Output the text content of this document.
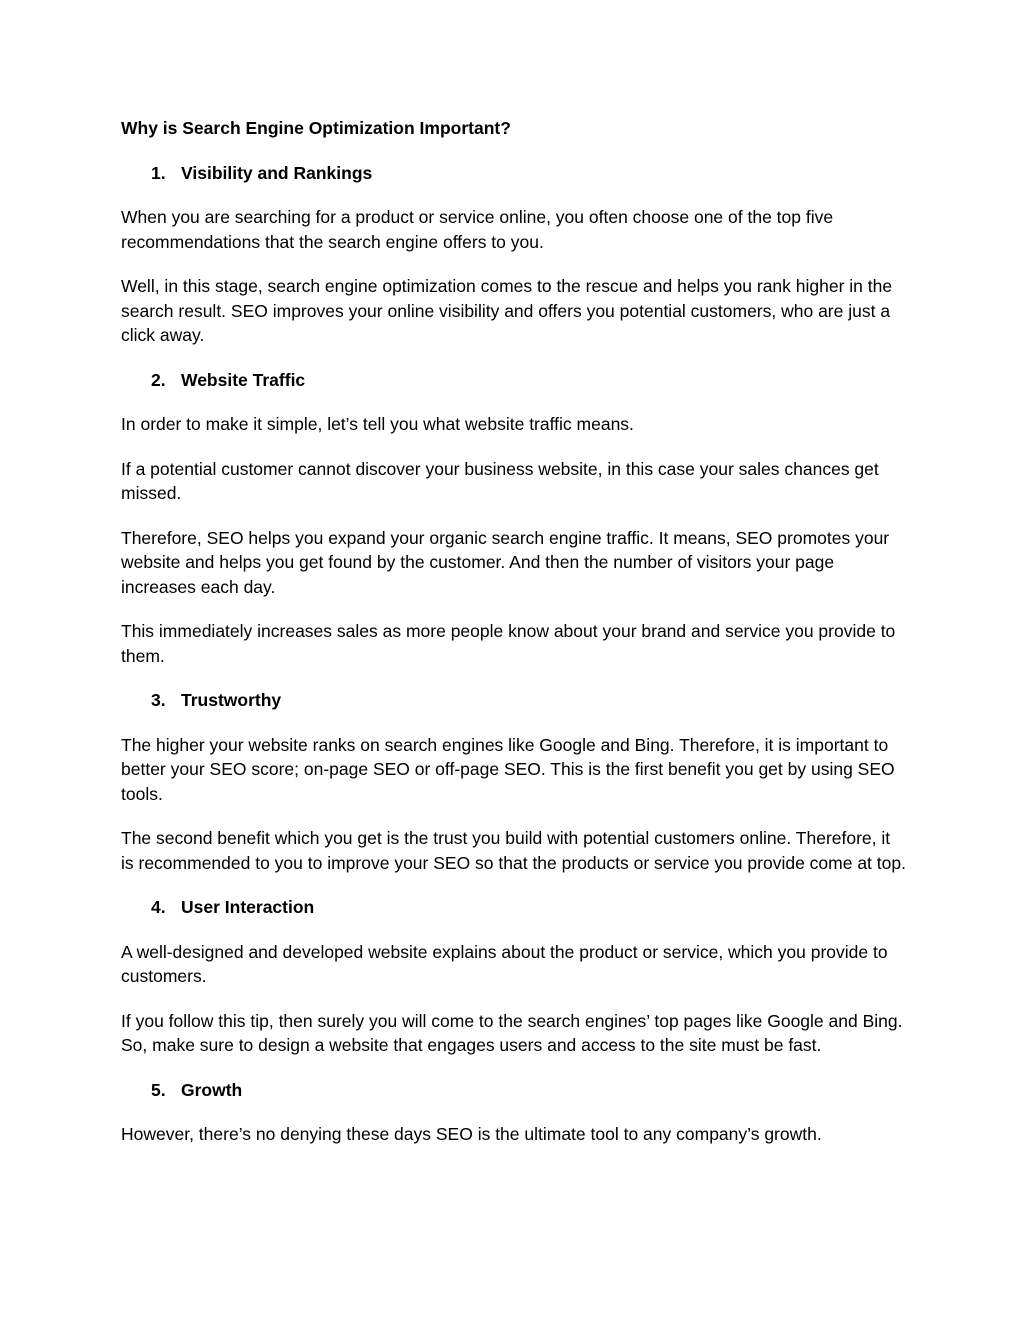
Why is Search Engine Optimization Important?
1. Visibility and Rankings

When you are searching for a product or service online, you often choose one of the top five recommendations that the search engine offers to you.

Well, in this stage, search engine optimization comes to the rescue and helps you rank higher in the search result. SEO improves your online visibility and offers you potential customers, who are just a click away.

2. Website Traffic

In order to make it simple, let’s tell you what website traffic means.

If a potential customer cannot discover your business website, in this case your sales chances get missed.

Therefore, SEO helps you expand your organic search engine traffic. It means, SEO promotes your website and helps you get found by the customer. And then the number of visitors your page increases each day.

This immediately increases sales as more people know about your brand and service you provide to them.

3. Trustworthy

The higher your website ranks on search engines like Google and Bing. Therefore, it is important to better your SEO score; on-page SEO or off-page SEO. This is the first benefit you get by using SEO tools.

The second benefit which you get is the trust you build with potential customers online. Therefore, it is recommended to you to improve your SEO so that the products or service you provide come at top.

4. User Interaction

A well-designed and developed website explains about the product or service, which you provide to customers.

If you follow this tip, then surely you will come to the search engines’ top pages like Google and Bing. So, make sure to design a website that engages users and access to the site must be fast.

5. Growth

However, there’s no denying these days SEO is the ultimate tool to any company’s growth.
